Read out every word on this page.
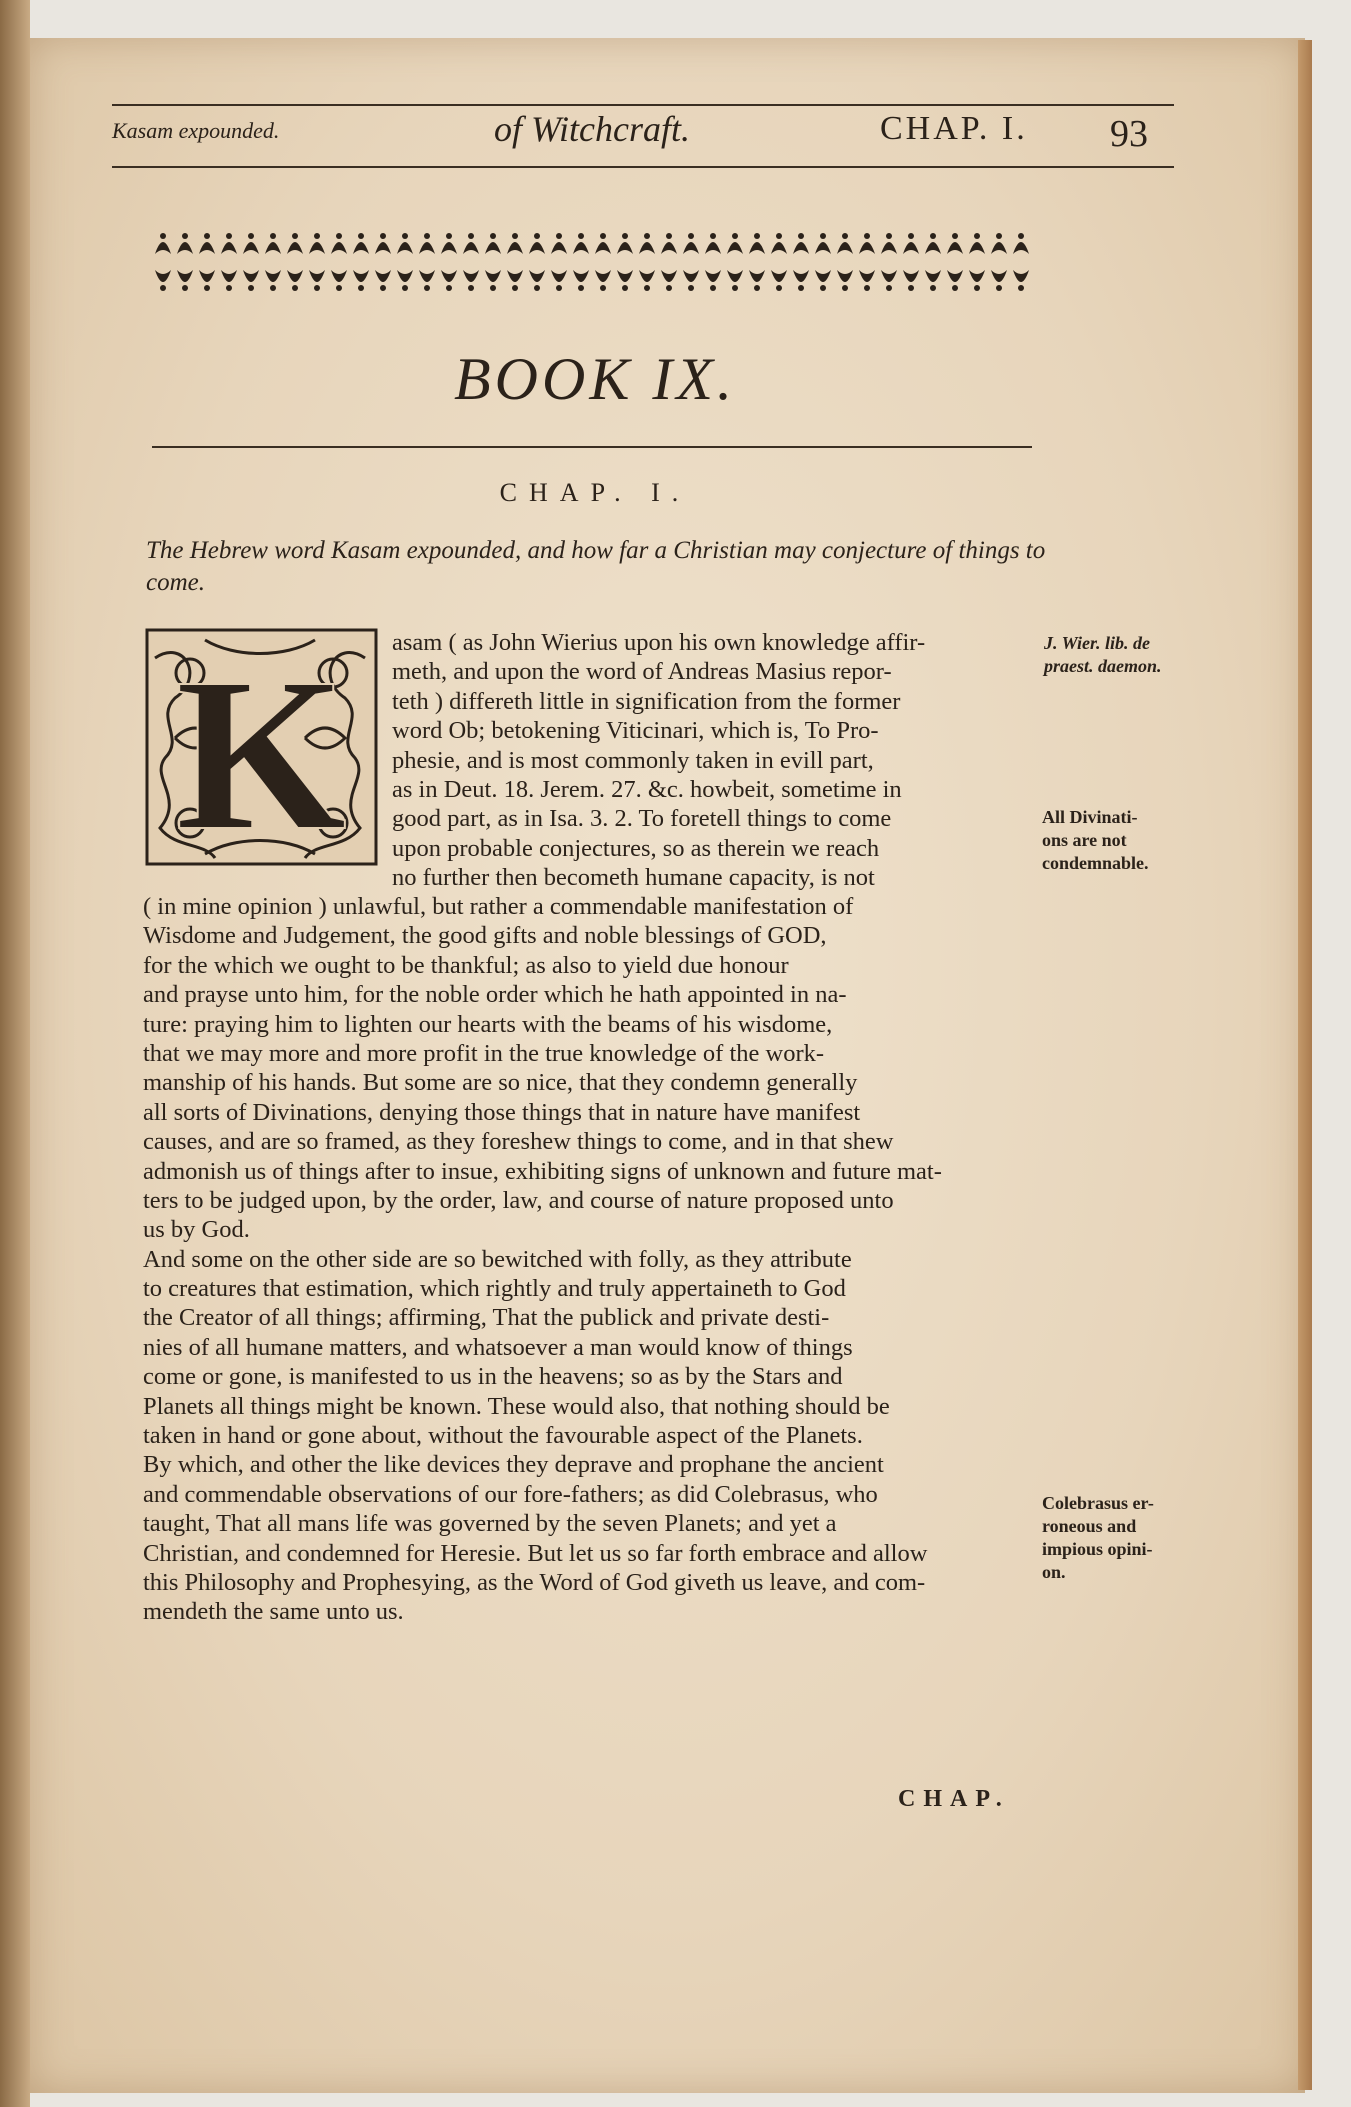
Kasam expounded.	of Witchcraft.	CHAP. I. 93
BOOK IX.
CHAP. I.
The Hebrew word Kasam expounded, and how far a Christian may conjecture of things to come.
K asam ( as John Wierius upon his own knowledge affir-
meth, and upon the word of Andreas Masius repor-
teth ) differeth little in signification from the former
word Ob; betokening Viticinari, which is, To Pro-
phesie, and is most commonly taken in evill part,
as in Deut. 18. Jerem. 27. &c. howbeit, sometime in
good part, as in Isa. 3. 2. To foretell things to come
upon probable conjectures, so as therein we reach
no further then becometh humane capacity, is not
( in mine opinion ) unlawful, but rather a commendable manifestation of
Wisdome and Judgement, the good gifts and noble blessings of GOD,
for the which we ought to be thankful; as also to yield due honour
and prayse unto him, for the noble order which he hath appointed in na-
ture: praying him to lighten our hearts with the beams of his wisdome,
that we may more and more profit in the true knowledge of the work-
manship of his hands. But some are so nice, that they condemn generally
all sorts of Divinations, denying those things that in nature have manifest
causes, and are so framed, as they foreshew things to come, and in that shew
admonish us of things after to insue, exhibiting signs of unknown and future mat-
ters to be judged upon, by the order, law, and course of nature proposed unto
us by God.
And some on the other side are so bewitched with folly, as they attribute
to creatures that estimation, which rightly and truly appertaineth to God
the Creator of all things; affirming, That the publick and private desti-
nies of all humane matters, and whatsoever a man would know of things
come or gone, is manifested to us in the heavens; so as by the Stars and
Planets all things might be known. These would also, that nothing should be
taken in hand or gone about, without the favourable aspect of the Planets.
By which, and other the like devices they deprave and prophane the ancient
and commendable observations of our fore-fathers; as did Colebrasus, who
taught, That all mans life was governed by the seven Planets; and yet a
Christian, and condemned for Heresie. But let us so far forth embrace and allow
this Philosophy and Prophesying, as the Word of God giveth us leave, and com-
mendeth the same unto us.
J. Wier. lib. de
praest. daemon.
All Divinati-
ons are not
condemnable.
Colebrasus er-
roneous and
impious opini-
on.
CHAP.
